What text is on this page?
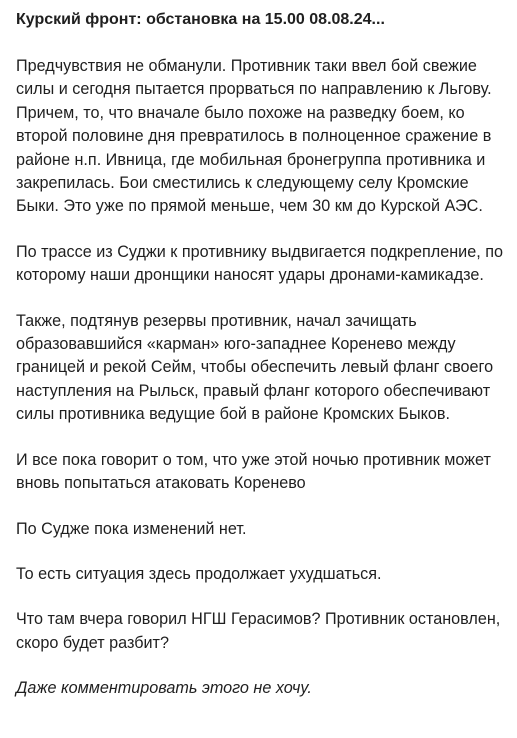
Курский фронт: обстановка на 15.00 08.08.24...

Предчувствия не обманули. Противник таки ввел бой свежие силы и сегодня пытается прорваться по направлению к Льгову. Причем, то, что вначале было похоже на разведку боем, ко второй половине дня превратилось в полноценное сражение в районе н.п. Ивница, где мобильная бронегруппа противника и закрепилась. Бои сместились к следующему селу Кромские Быки. Это уже по прямой меньше, чем 30 км до Курской АЭС.

По трассе из Суджи к противнику выдвигается подкрепление, по которому наши дронщики наносят удары дронами-камикадзе.

Также, подтянув резервы противник, начал зачищать образовавшийся «карман» юго-западнее Коренево между границей и рекой Сейм, чтобы обеспечить левый фланг своего наступления на Рыльск, правый фланг которого обеспечивают силы противника ведущие бой в районе Кромских Быков.

И все пока говорит о том, что уже этой ночью противник может вновь попытаться атаковать Коренево

По Судже пока изменений нет.

То есть ситуация здесь продолжает ухудшаться.

Что там вчера говорил НГШ Герасимов? Противник остановлен, скоро будет разбит?

Даже комментировать этого не хочу.
